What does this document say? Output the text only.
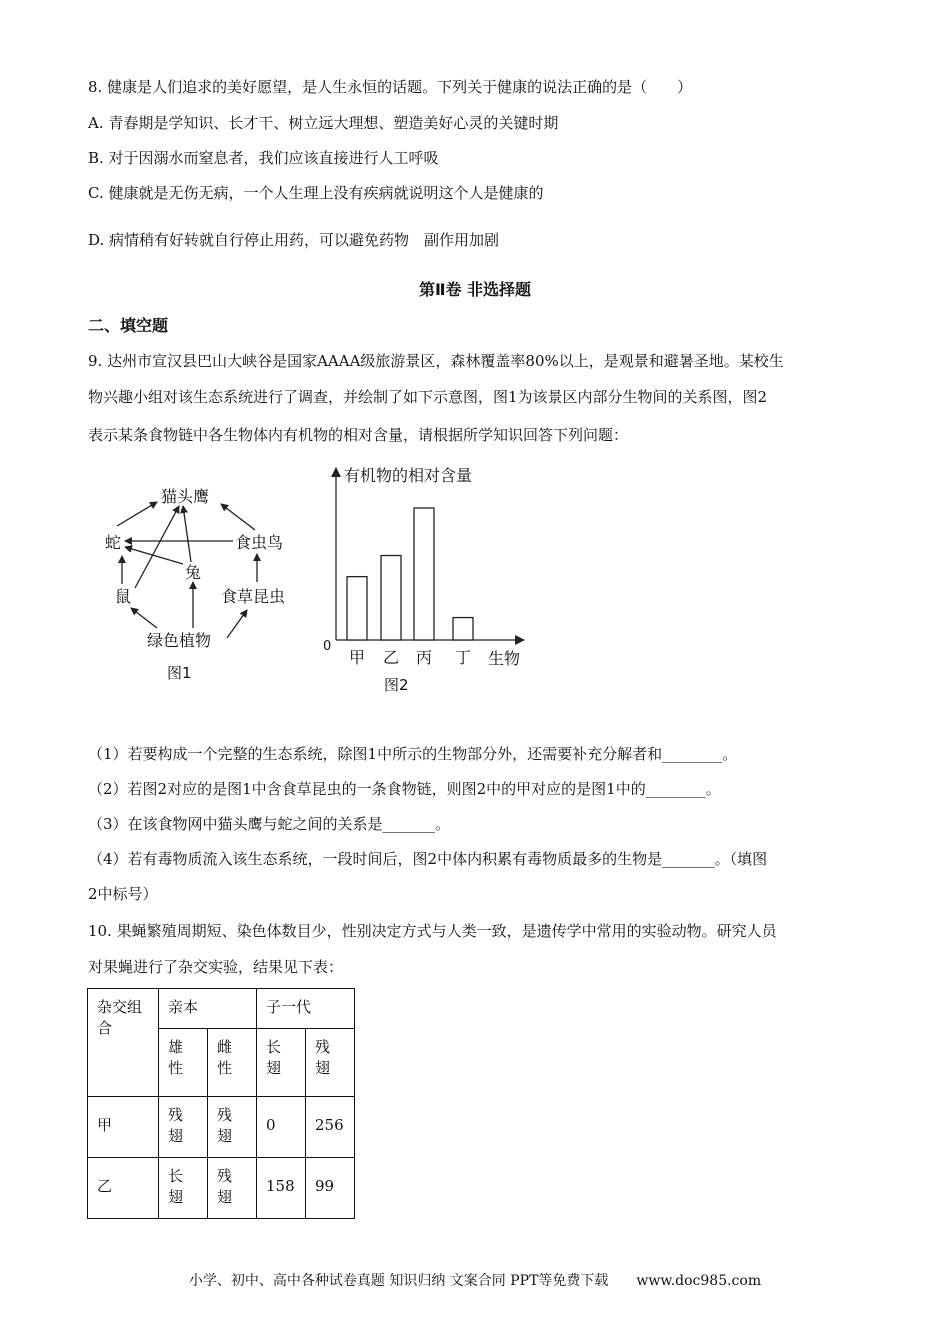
8. 健康是人们追求的美好愿望，是人生永恒的话题。下列关于健康的说法正确的是（　　）
A. 青春期是学知识、长才干、树立远大理想、塑造美好心灵的关键时期
B. 对于因溺水而窒息者，我们应该直接进行人工呼吸
C. 健康就是无伤无病，一个人生理上没有疾病就说明这个人是健康的
D. 病情稍有好转就自行停止用药，可以避免药物　副作用加剧
第Ⅱ卷 非选择题
二、填空题
9. 达州市宣汉县巴山大峡谷是国家AAAA级旅游景区，森林覆盖率80%以上，是观景和避暑圣地。某校生
物兴趣小组对该生态系统进行了调查，并绘制了如下示意图，图1为该景区内部分生物间的关系图，图2
表示某条食物链中各生物体内有机物的相对含量，请根据所学知识回答下列问题：
猫头鹰
蛇	食虫鸟
兔
鼠	食草昆虫
绿色植物
图1
有机物的相对含量
0
生物
图2
甲 乙 丙 丁
（1）若要构成一个完整的生态系统，除图1中所示的生物部分外，还需要补充分解者和________。
（2）若图2对应的是图1中含食草昆虫的一条食物链，则图2中的甲对应的是图1中的________。
（3）在该食物网中猫头鹰与蛇之间的关系是_______。
（4）若有毒物质流入该生态系统，一段时间后，图2中体内积累有毒物质最多的生物是_______。（填图
2中标号）
10. 果蝇繁殖周期短、染色体数目少，性别决定方式与人类一致，是遗传学中常用的实验动物。研究人员
对果蝇进行了杂交实验，结果见下表：
杂交组合	亲本		子一代	

	雄性	雌性	长翅	残翅

甲	残翅	残翅	0	256
乙	长翅	残翅	158	99
小学、初中、高中各种试卷真题 知识归纳 文案合同 PPT等免费下载　　www.doc985.com
